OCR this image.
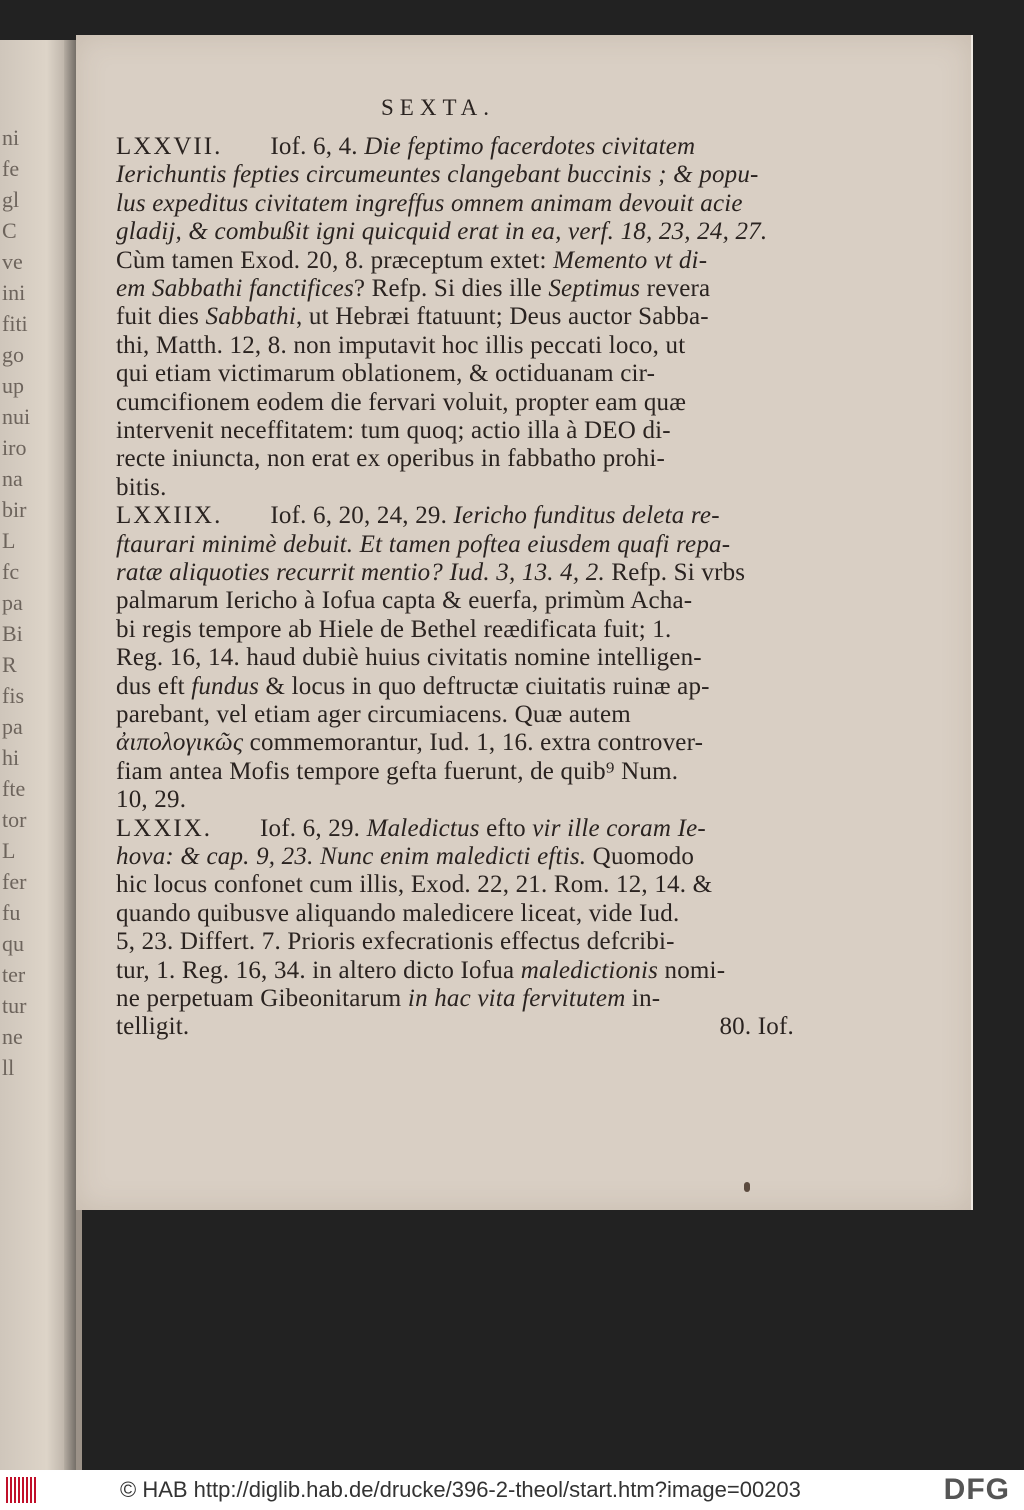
ni
fe
gl
C
ve
ini
fiti
go
up
nui
iro
na
bir
L
fc
pa
Bi
R
fis
pa
hi
fte
tor
L
fer
fu
qu
ter
tur
ne
ll
SEXTA.
LXXVII. Iof. 6, 4. Die feptimo facerdotes civitatem
Ierichuntis fepties circumeuntes clangebant buccinis ; & popu-
lus expeditus civitatem ingreffus omnem animam devouit acie
gladij, & combußit igni quicquid erat in ea, verf. 18, 23, 24, 27.
Cùm tamen Exod. 20, 8. præceptum extet: Memento vt di-
em Sabbathi fanctifices? Refp. Si dies ille Septimus revera
fuit dies Sabbathi, ut Hebræi ftatuunt; Deus auctor Sabba-
thi, Matth. 12, 8. non imputavit hoc illis peccati loco, ut
qui etiam victimarum oblationem, & octiduanam cir-
cumcifionem eodem die fervari voluit, propter eam quæ
intervenit neceffitatem: tum quoq; actio illa à DEO di-
recte iniuncta, non erat ex operibus in fabbatho prohi-
bitis.
LXXIIX. Iof. 6, 20, 24, 29. Iericho funditus deleta re-
ftaurari minimè debuit. Et tamen poftea eiusdem quafi repa-
ratæ aliquoties recurrit mentio? Iud. 3, 13. 4, 2. Refp. Si vrbs
palmarum Iericho à Iofua capta & euerfa, primùm Acha-
bi regis tempore ab Hiele de Bethel reædificata fuit; 1.
Reg. 16, 14. haud dubiè huius civitatis nomine intelligen-
dus eft fundus & locus in quo deftructæ ciuitatis ruinæ ap-
parebant, vel etiam ager circumiacens. Quæ autem
ἀιπολογικῶς commemorantur, Iud. 1, 16. extra controver-
fiam antea Mofis tempore gefta fuerunt, de quib⁹ Num.
10, 29.
LXXIX. Iof. 6, 29. Maledictus efto vir ille coram Ie-
hova: & cap. 9, 23. Nunc enim maledicti eftis. Quomodo
hic locus confonet cum illis, Exod. 22, 21. Rom. 12, 14. &
quando quibusve aliquando maledicere liceat, vide Iud.
5, 23. Differt. 7. Prioris exfecrationis effectus defcribi-
tur, 1. Reg. 16, 34. in altero dicto Iofua maledictionis nomi-
ne perpetuam Gibeonitarum in hac vita fervitutem in-
telligit.	80. Iof.
© HAB http://diglib.hab.de/drucke/396-2-theol/start.htm?image=00203	DFG
